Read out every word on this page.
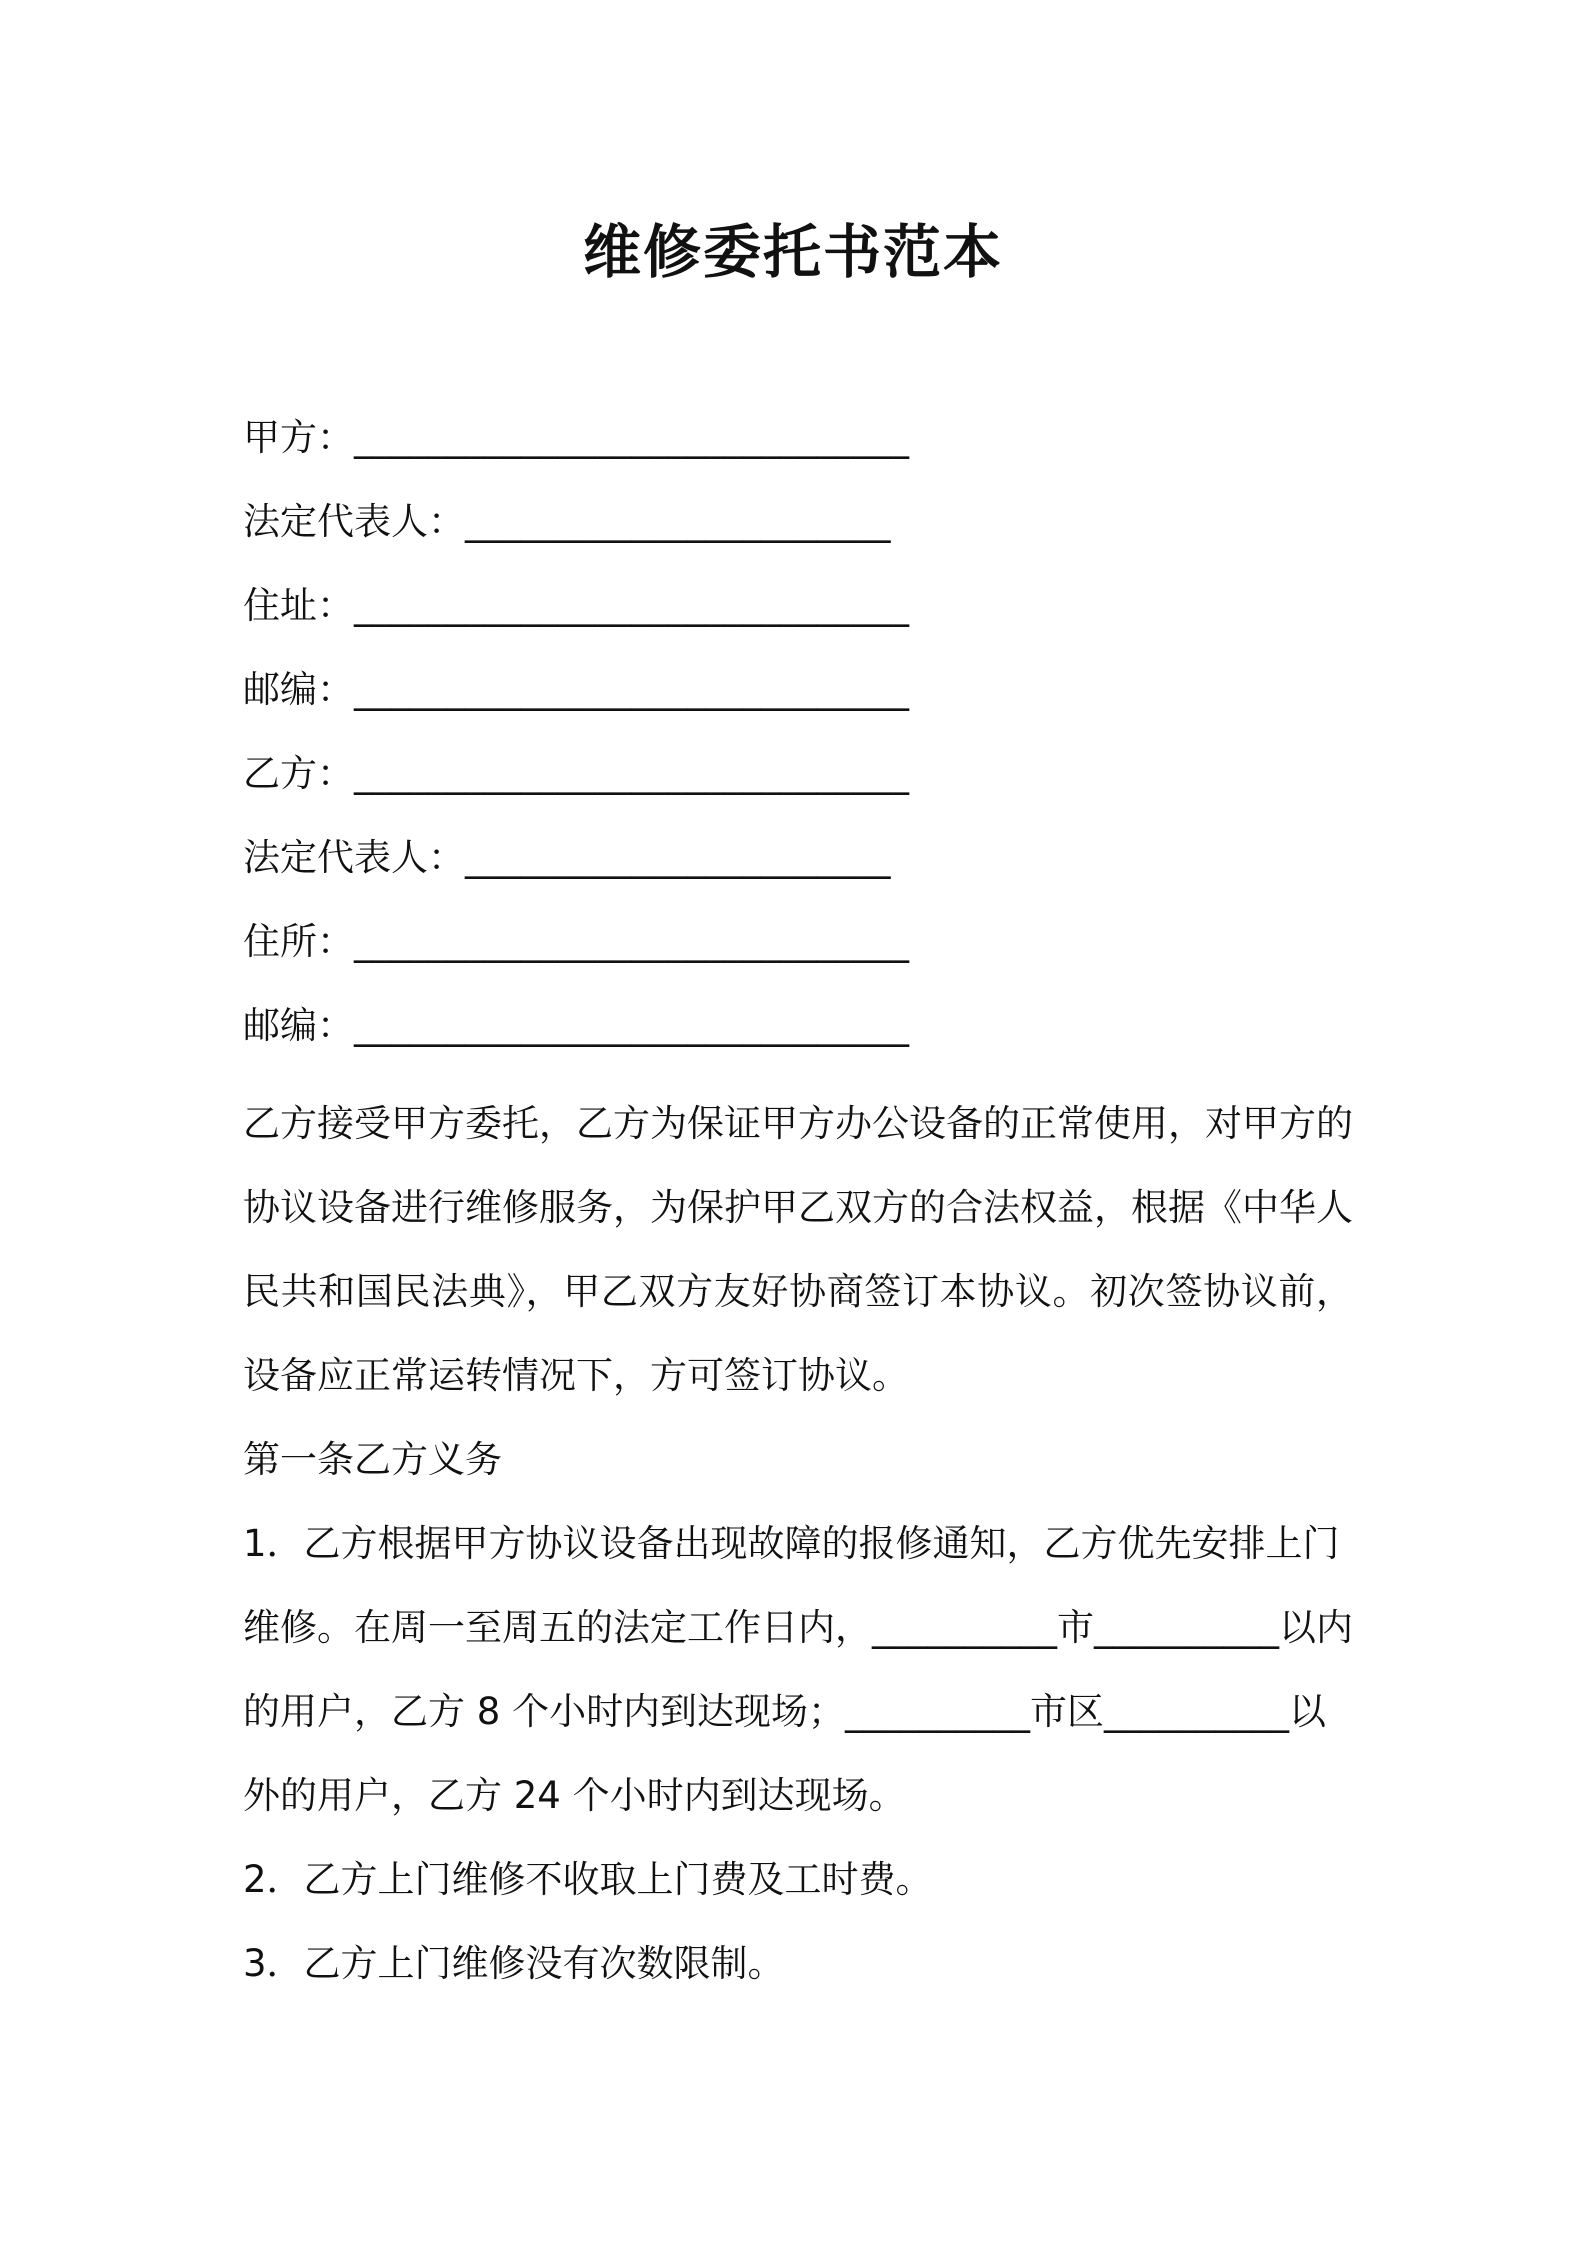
维修委托书范本
甲方：______________________________
法定代表人：_______________________
住址：______________________________
邮编：______________________________
乙方：______________________________
法定代表人：_______________________
住所：______________________________
邮编：______________________________

乙方接受甲方委托，乙方为保证甲方办公设备的正常使用，对甲方的协议设备进行维修服务，为保护甲乙双方的合法权益，根据《中华人民共和国民法典》，甲乙双方友好协商签订本协议。初次签协议前，设备应正常运转情况下，方可签订协议。

第一条乙方义务

1．乙方根据甲方协议设备出现故障的报修通知，乙方优先安排上门

维修。在周一至周五的法定工作日内，__________市__________以内

的用户，乙方 8 个小时内到达现场；__________市区__________以

外的用户，乙方 24 个小时内到达现场。

2．乙方上门维修不收取上门费及工时费。

3．乙方上门维修没有次数限制。
